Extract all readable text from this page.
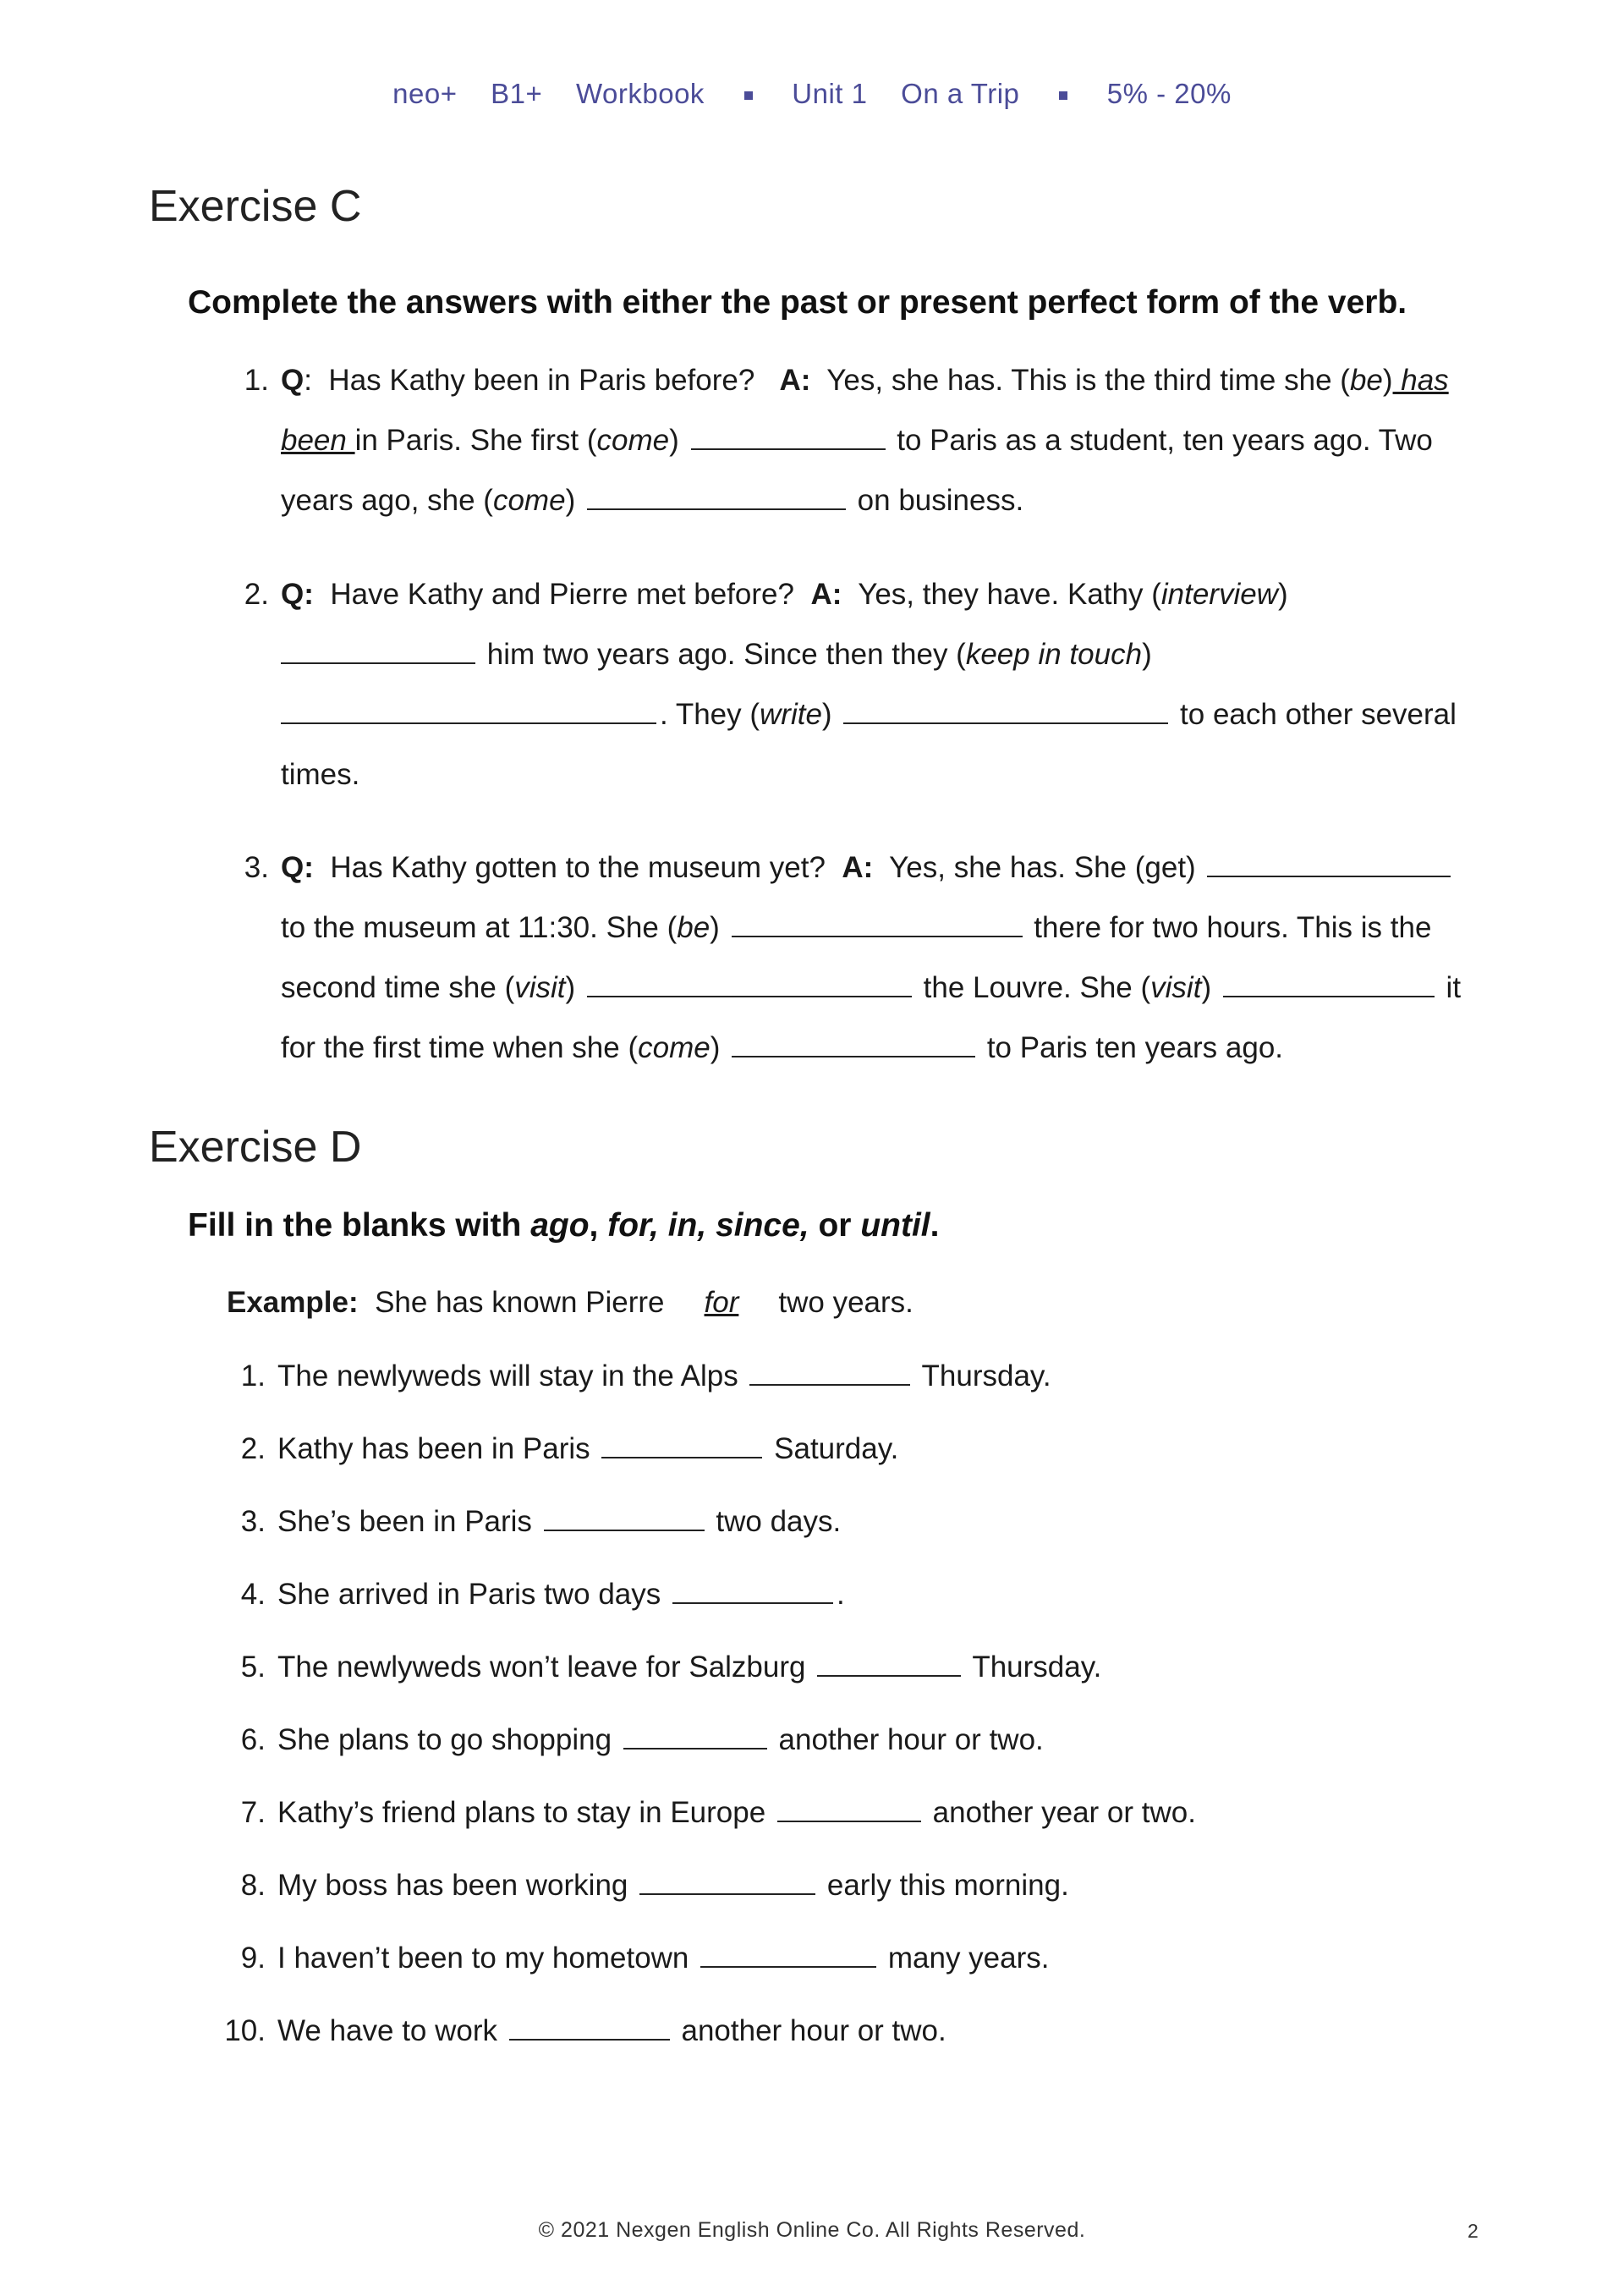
neo+ B1+ Workbook	Unit 1 On a Trip	5% - 20%
Exercise C

Complete the answers with either the past or present perfect form of the verb.

1. Q: Has Kathy been in Paris before? A: Yes, she has. This is the third time she (be) has been in Paris. She first (come)	to Paris as a student, ten years ago. Two years ago, she (come)	on business.
2. Q: Have Kathy and Pierre met before? A: Yes, they have. Kathy (interview)
him two years ago. Since then they (keep in touch)
. They (write)	to each other several times.
3. Q: Has Kathy gotten to the museum yet? A: Yes, she has. She (get)  to the museum at 11:30. She (be)	there for two hours. This is the second time she (visit)	the Louvre. She (visit)	it for the first time when she (come)	to Paris ten years ago.
Exercise D

Fill in the blanks with ago, for, in, since, or until.

Example: She has known Pierre for two years.
1. The newlyweds will stay in the Alps	Thursday.
2. Kathy has been in Paris	Saturday.
3. She’s been in Paris	two days.
4. She arrived in Paris two days	.
5. The newlyweds won’t leave for Salzburg	Thursday.
6. She plans to go shopping	another hour or two.
7. Kathy’s friend plans to stay in Europe	another year or two.
8. My boss has been working	early this morning.
9. I haven’t been to my hometown	many years.
10. We have to work	another hour or two.
© 2021 Nexgen English Online Co. All Rights Reserved.	2
